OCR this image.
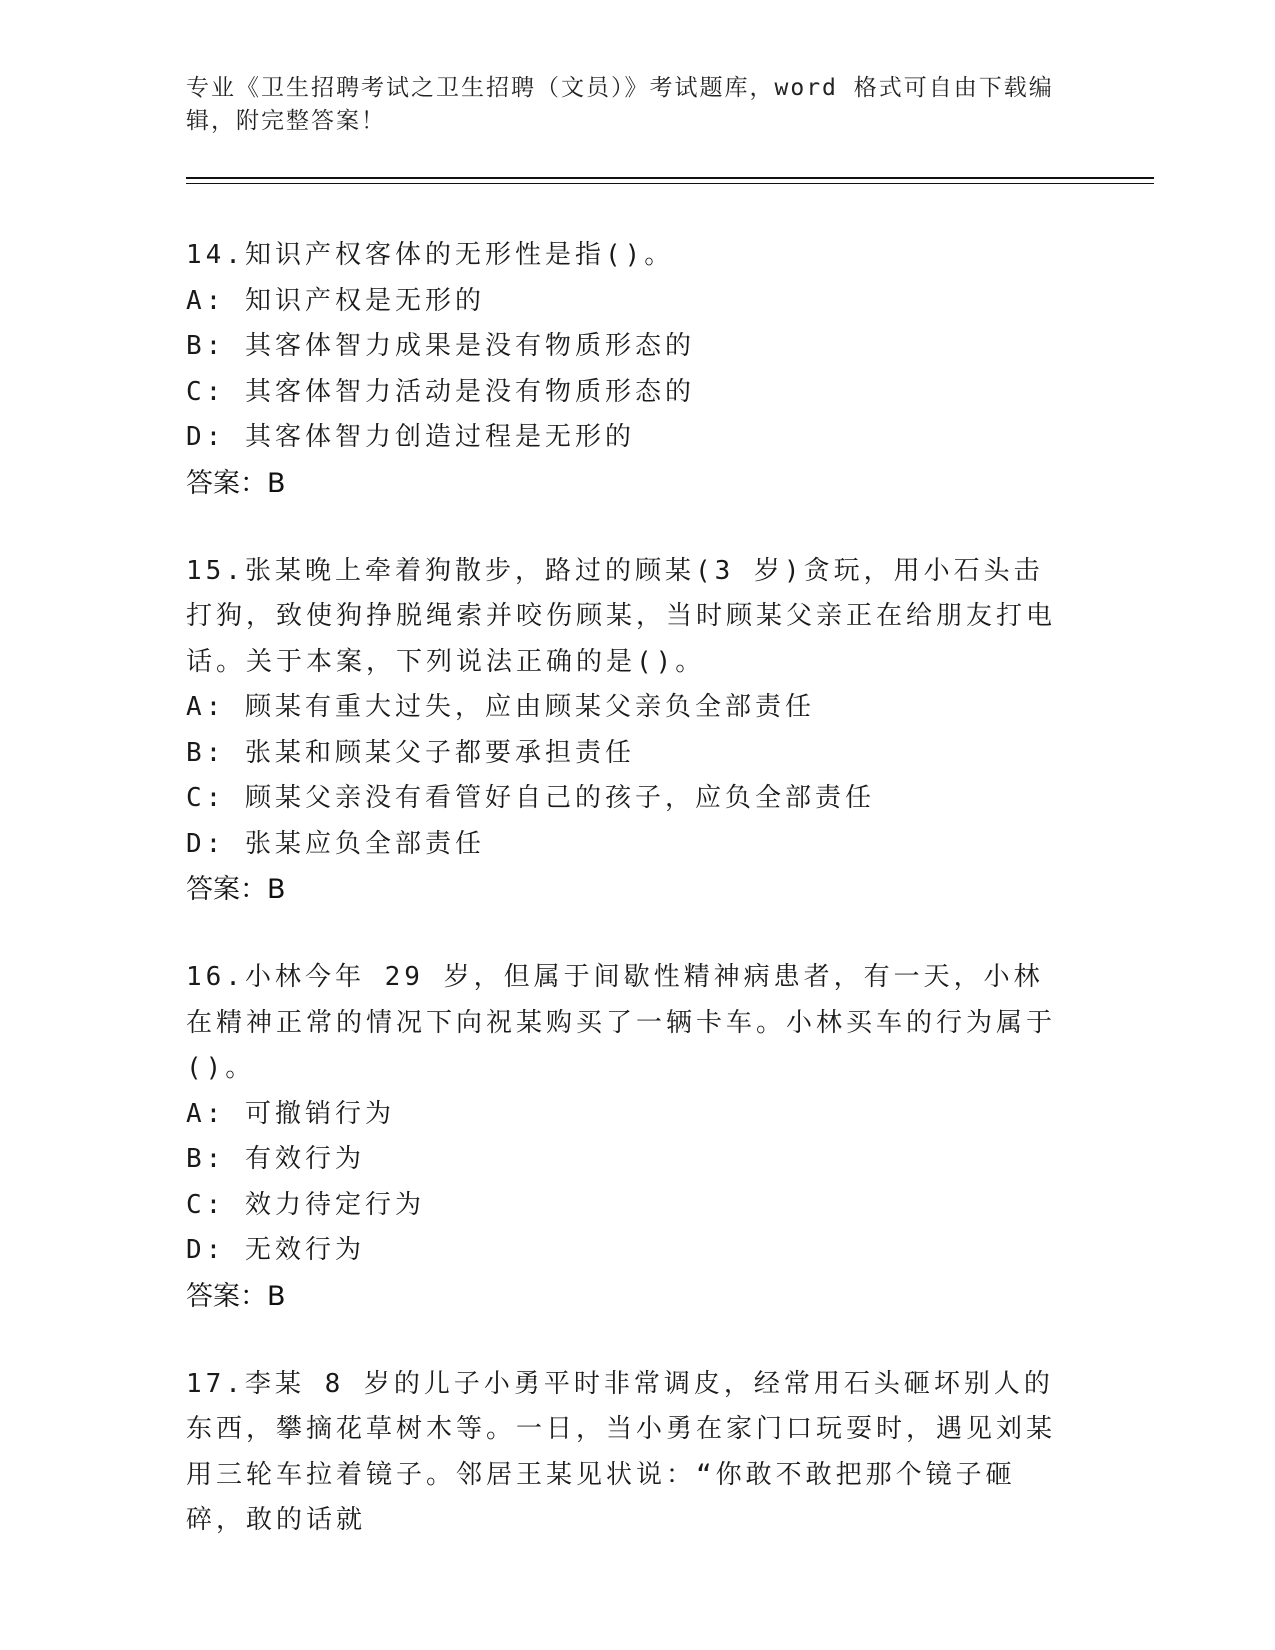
专业《卫生招聘考试之卫生招聘（文员）》考试题库，word 格式可自由下载编辑，附完整答案！

14.知识产权客体的无形性是指()。

A: 知识产权是无形的

B: 其客体智力成果是没有物质形态的

C: 其客体智力活动是没有物质形态的

D: 其客体智力创造过程是无形的

答案：B

15.张某晚上牵着狗散步，路过的顾某(3 岁)贪玩，用小石头击打狗，致使狗挣脱绳索并咬伤顾某，当时顾某父亲正在给朋友打电话。关于本案，下列说法正确的是()。

A: 顾某有重大过失，应由顾某父亲负全部责任

B: 张某和顾某父子都要承担责任

C: 顾某父亲没有看管好自己的孩子，应负全部责任

D: 张某应负全部责任

答案：B

16.小林今年 29 岁，但属于间歇性精神病患者，有一天，小林在精神正常的情况下向祝某购买了一辆卡车。小林买车的行为属于()。

A: 可撤销行为

B: 有效行为

C: 效力待定行为

D: 无效行为

答案：B

17.李某 8 岁的儿子小勇平时非常调皮，经常用石头砸坏别人的东西，攀摘花草树木等。一日，当小勇在家门口玩耍时，遇见刘某用三轮车拉着镜子。邻居王某见状说：“你敢不敢把那个镜子砸碎，敢的话就
